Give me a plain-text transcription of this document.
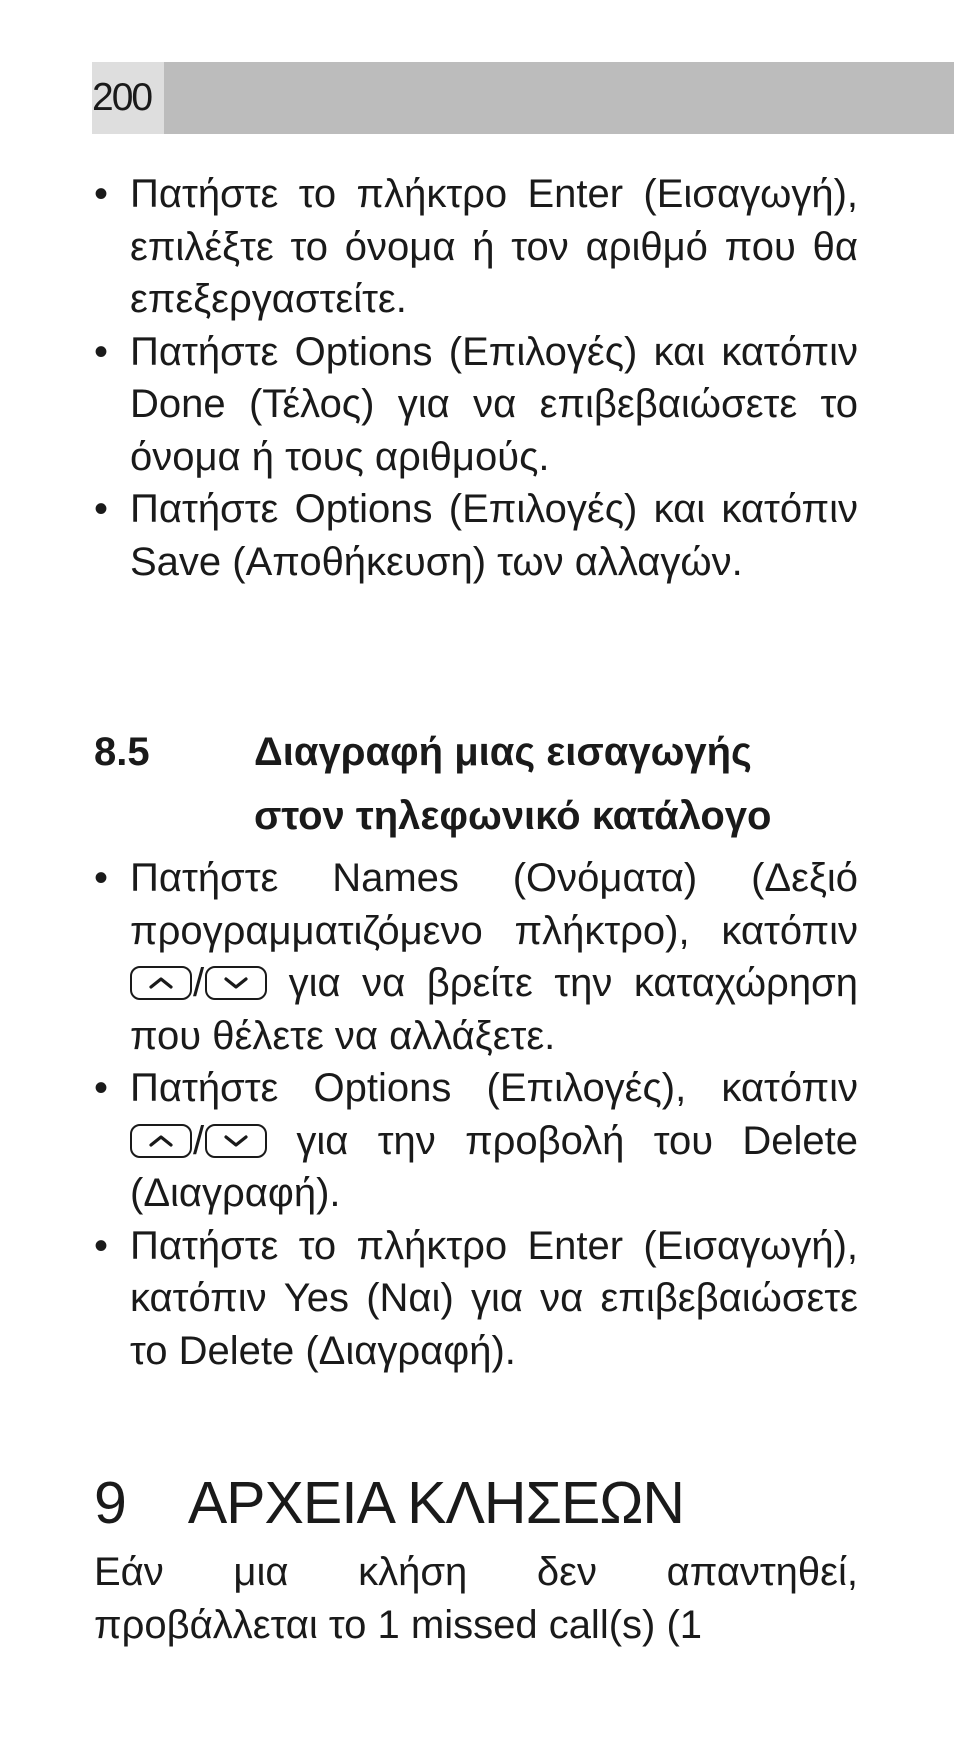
200
• Πατήστε το πλήκτρο Enter (Εισαγωγή), επιλέξτε το όνομα ή τον αριθμό που θα επεξεργαστείτε.
• Πατήστε Options (Επιλογές) και κατόπιν Done (Τέλος) για να επιβεβαιώσετε το όνομα ή τους αριθμούς.
• Πατήστε Options (Επιλογές) και κατόπιν Save (Αποθήκευση) των αλλαγών.
8.5	Διαγραφή μιας εισαγωγής
στον τηλεφωνικό κατάλογο
• Πατήστε Names (Ονόματα) (Δεξιό προγραμματιζόμενο πλήκτρο), κατόπιν
/
για να βρείτε την καταχώρηση που θέλετε να αλλάξετε.
• Πατήστε Options (Επιλογές), κατόπιν
/
για την προβολή του Delete (Διαγραφή).
• Πατήστε το πλήκτρο Enter (Εισαγωγή), κατόπιν Yes (Ναι) για να επιβεβαιώσετε το Delete (Διαγραφή).
9 ΑΡΧΕΙΑ ΚΛΗΣΕΩΝ

Εάν μια κλήση δεν απαντηθεί, προβάλλεται το 1 missed call(s) (1
